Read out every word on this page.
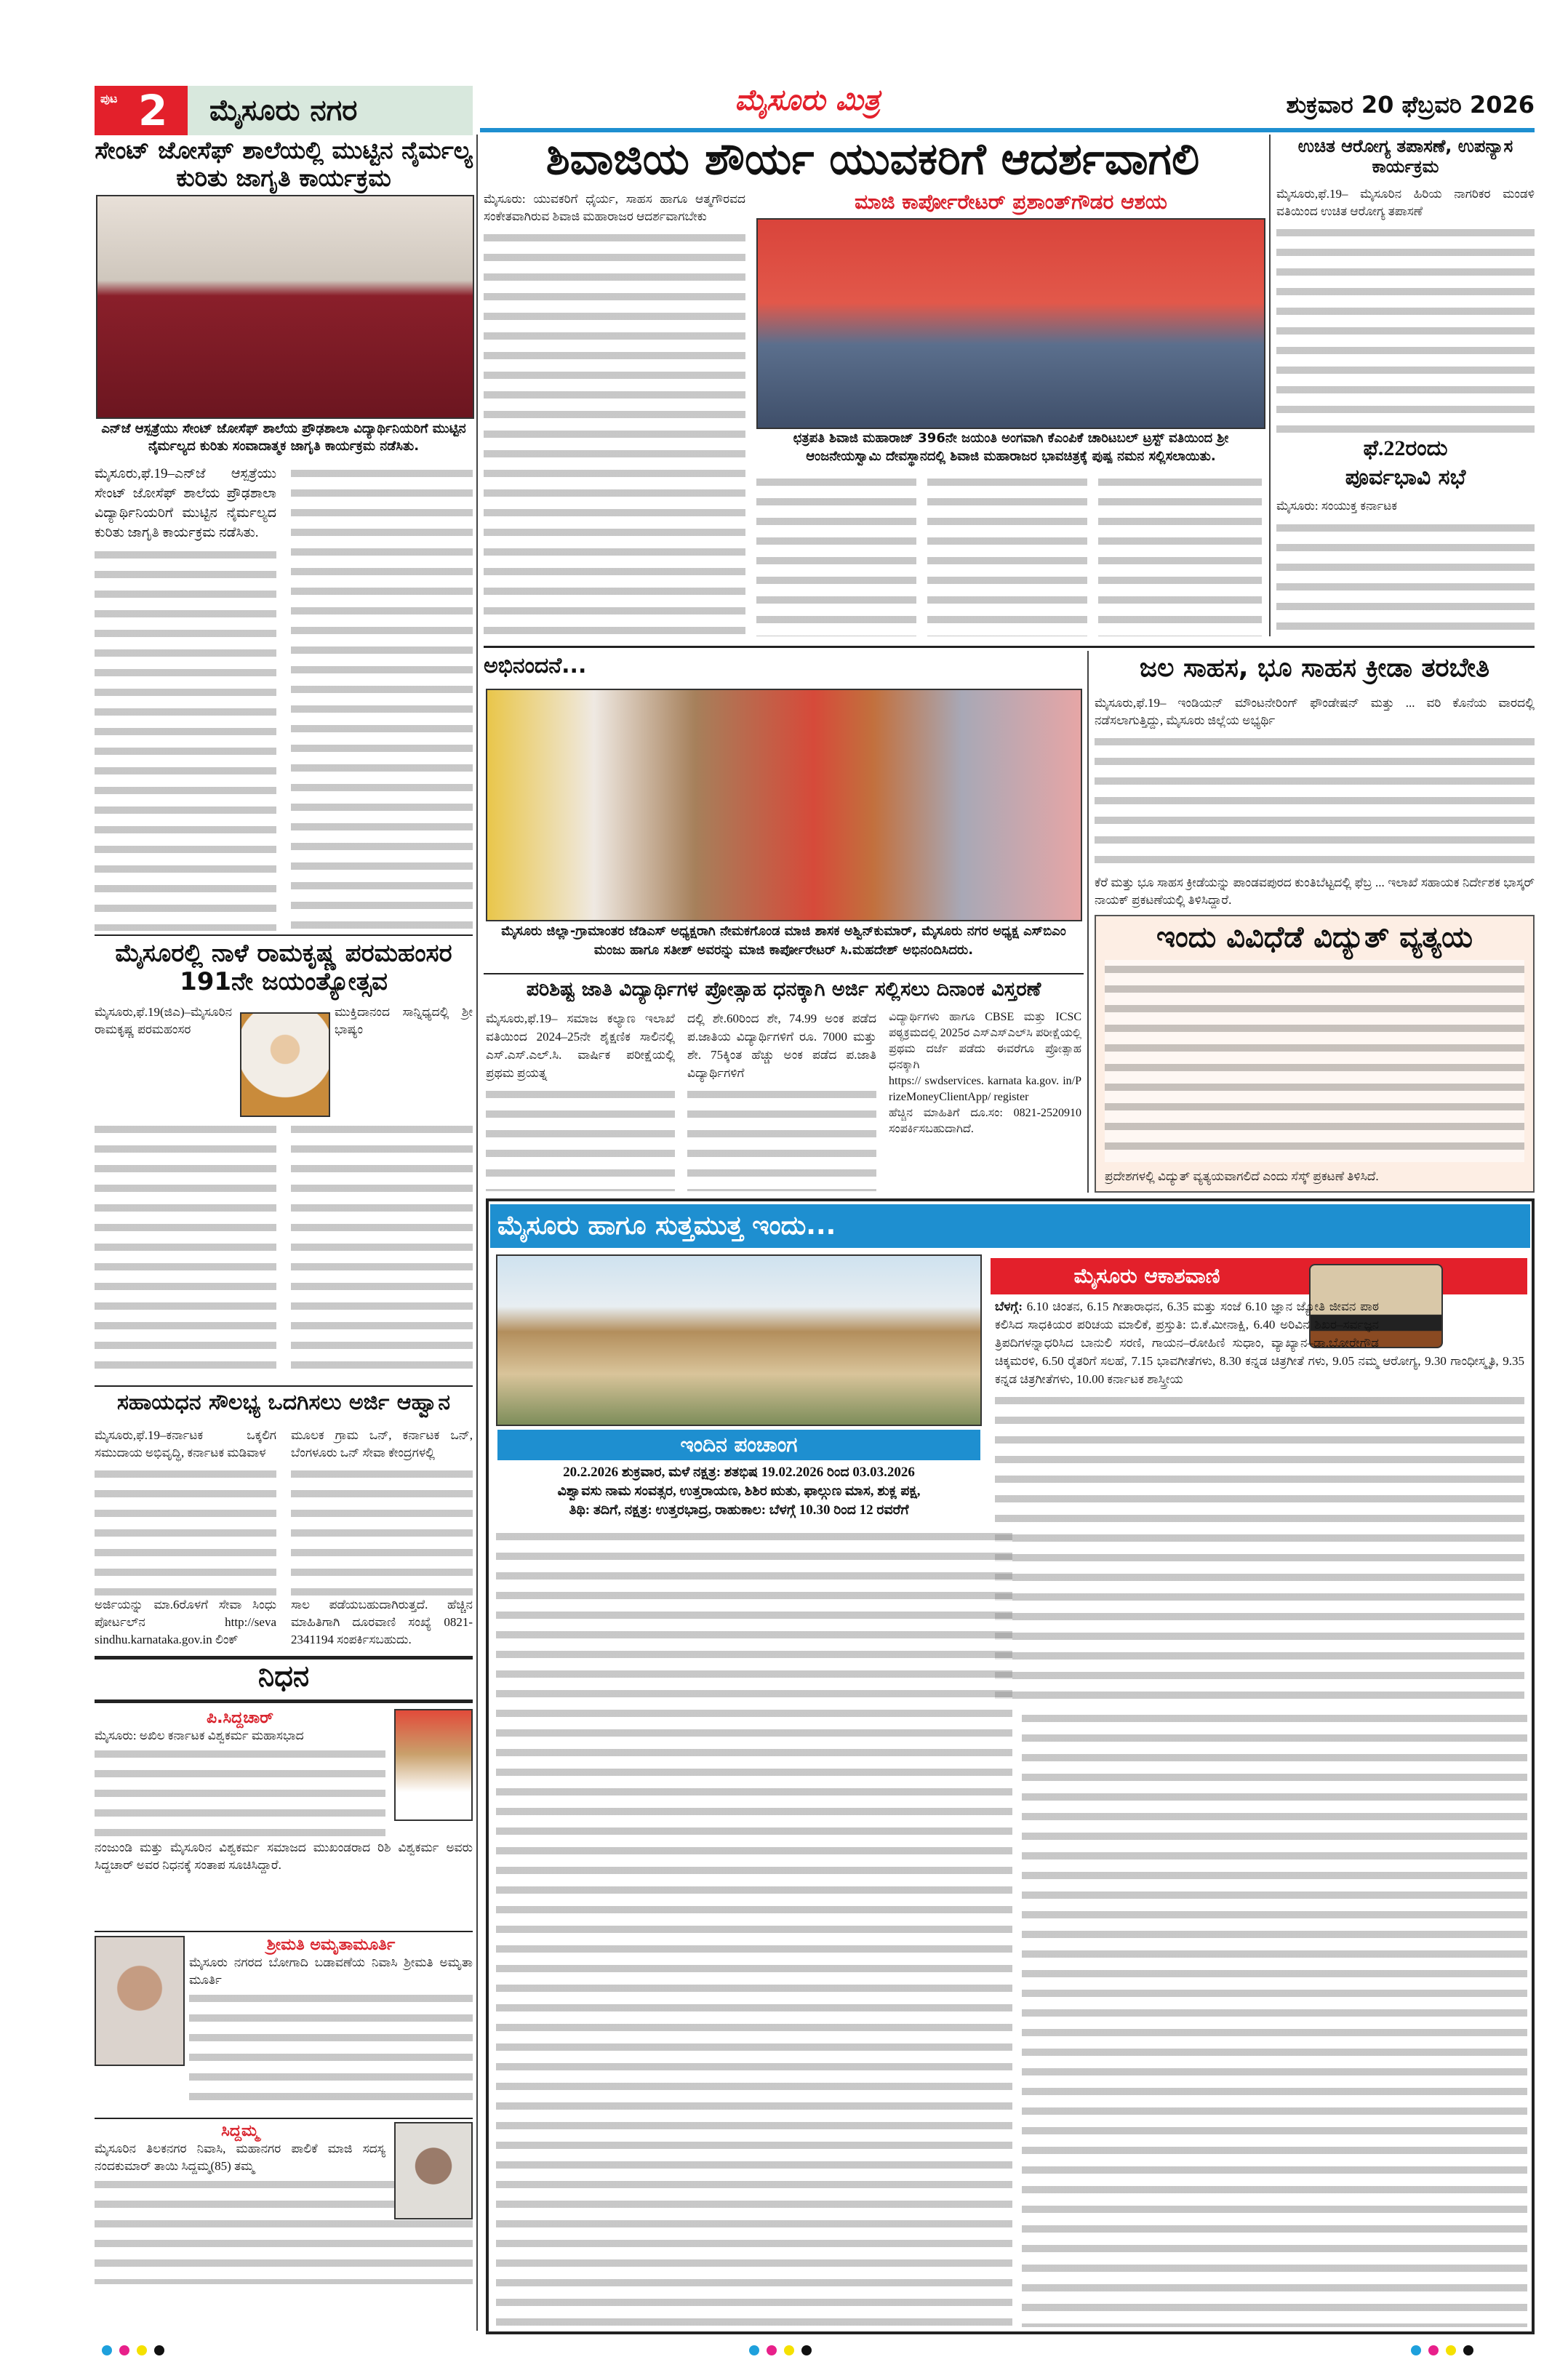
ಪುಟ 2 ಮೈಸೂರು ನಗರ	ಮೈಸೂರು ಮಿತ್ರ	ಶುಕ್ರವಾರ 20 ಫೆಬ್ರವರಿ 2026
ಸೇಂಟ್ ಜೋಸೆಫ್ ಶಾಲೆಯಲ್ಲಿ ಮುಟ್ಟಿನ ನೈರ್ಮಲ್ಯ ಕುರಿತು ಜಾಗೃತಿ ಕಾರ್ಯಕ್ರಮ
ಎನ್‌ಜೆ ಆಸ್ಪತ್ರೆಯು ಸೇಂಟ್ ಜೋಸೆಫ್ ಶಾಲೆಯ ಪ್ರೌಢಶಾಲಾ ವಿದ್ಯಾರ್ಥಿನಿಯರಿಗೆ ಮುಟ್ಟಿನ ನೈರ್ಮಲ್ಯದ ಕುರಿತು ಸಂವಾದಾತ್ಮಕ ಜಾಗೃತಿ ಕಾರ್ಯಕ್ರಮ ನಡೆಸಿತು.
ಮೈಸೂರು,ಫೆ.19–ಎನ್‌ಜೆ ಆಸ್ಪತ್ರೆಯು ಸೇಂಟ್ ಜೋಸೆಫ್ ಶಾಲೆಯ ಪ್ರೌಢಶಾಲಾ ವಿದ್ಯಾರ್ಥಿನಿಯರಿಗೆ ಮುಟ್ಟಿನ ನೈರ್ಮಲ್ಯದ ಕುರಿತು ಜಾಗೃತಿ ಕಾರ್ಯಕ್ರಮ ನಡೆಸಿತು.
ಮೈಸೂರಲ್ಲಿ ನಾಳೆ ರಾಮಕೃಷ್ಣ ಪರಮಹಂಸರ 191ನೇ ಜಯಂತ್ಯೋತ್ಸವ
ಮೈಸೂರು,ಫೆ.19(ಜಿಎ)–ಮೈಸೂರಿನ ರಾಮಕೃಷ್ಣ ಪರಮಹಂಸರ
ಮುಕ್ತಿದಾನಂದ ಸಾನ್ನಿಧ್ಯದಲ್ಲಿ ಶ್ರೀ ಭಾಷ್ಯಂ
ಸಹಾಯಧನ ಸೌಲಭ್ಯ ಒದಗಿಸಲು ಅರ್ಜಿ ಆಹ್ವಾನ
ಮೈಸೂರು,ಫೆ.19–ಕರ್ನಾಟಕ ಒಕ್ಕಲಿಗ ಸಮುದಾಯ ಅಭಿವೃದ್ಧಿ, ಕರ್ನಾಟಕ ಮಡಿವಾಳ
ಅರ್ಜಿಯನ್ನು ಮಾ.6ರೊಳಗೆ ಸೇವಾ ಸಿಂಧು ಪೋರ್ಟಲ್‌ನ http://seva sindhu.karnataka.gov.in ಲಿಂಕ್
ಮೂಲಕ ಗ್ರಾಮ ಒನ್, ಕರ್ನಾಟಕ ಒನ್, ಬೆಂಗಳೂರು ಒನ್ ಸೇವಾ ಕೇಂದ್ರಗಳಲ್ಲಿ
ಸಾಲ ಪಡೆಯಬಹುದಾಗಿರುತ್ತದೆ. ಹೆಚ್ಚಿನ ಮಾಹಿತಿಗಾಗಿ ದೂರವಾಣಿ ಸಂಖ್ಯೆ 0821-2341194 ಸಂಪರ್ಕಿಸಬಹುದು.
ನಿಧನ
ಪಿ.ಸಿದ್ದಚಾರ್
ಮೈಸೂರು: ಅಖಿಲ ಕರ್ನಾಟಕ ವಿಶ್ವಕರ್ಮ ಮಹಾಸಭಾದ
ನಂಜುಂಡಿ ಮತ್ತು ಮೈಸೂರಿನ ವಿಶ್ವಕರ್ಮ ಸಮಾಜದ ಮುಖಂಡರಾದ ರಿಶಿ ವಿಶ್ವಕರ್ಮ ಅವರು ಸಿದ್ದಚಾರ್ ಅವರ ನಿಧನಕ್ಕೆ ಸಂತಾಪ ಸೂಚಿಸಿದ್ದಾರೆ.
ಶ್ರೀಮತಿ ಅಮೃತಾಮೂರ್ತಿ
ಮೈಸೂರು ನಗರದ ಬೋಗಾದಿ ಬಡಾವಣೆಯ ನಿವಾಸಿ ಶ್ರೀಮತಿ ಅಮೃತಾ ಮೂರ್ತಿ
ಸಿದ್ದಮ್ಮ
ಮೈಸೂರಿನ ತಿಲಕನಗರ ನಿವಾಸಿ, ಮಹಾನಗರ ಪಾಲಿಕೆ ಮಾಜಿ ಸದಸ್ಯ ನಂದಕುಮಾರ್ ತಾಯಿ ಸಿದ್ದಮ್ಮ(85) ತಮ್ಮ
ಶಿವಾಜಿಯ ಶೌರ್ಯ ಯುವಕರಿಗೆ ಆದರ್ಶವಾಗಲಿ
ಮಾಜಿ ಕಾರ್ಪೋರೇಟರ್ ಪ್ರಶಾಂತ್‌ಗೌಡರ ಆಶಯ
ಮೈಸೂರು: ಯುವಕರಿಗೆ ಧೈರ್ಯ, ಸಾಹಸ ಹಾಗೂ ಆತ್ಮಗೌರವದ ಸಂಕೇತವಾಗಿರುವ ಶಿವಾಜಿ ಮಹಾರಾಜರ ಆದರ್ಶವಾಗಬೇಕು
ಛತ್ರಪತಿ ಶಿವಾಜಿ ಮಹಾರಾಜ್ 396ನೇ ಜಯಂತಿ ಅಂಗವಾಗಿ ಕೆಎಂಪಿಕೆ ಚಾರಿಟಬಲ್ ಟ್ರಸ್ಟ್ ವತಿಯಿಂದ ಶ್ರೀ ಆಂಜನೇಯಸ್ವಾಮಿ ದೇವಸ್ಥಾನದಲ್ಲಿ ಶಿವಾಜಿ ಮಹಾರಾಜರ ಭಾವಚಿತ್ರಕ್ಕೆ ಪುಷ್ಪ ನಮನ ಸಲ್ಲಿಸಲಾಯಿತು.
ಉಚಿತ ಆರೋಗ್ಯ ತಪಾಸಣೆ, ಉಪನ್ಯಾಸ ಕಾರ್ಯಕ್ರಮ
ಮೈಸೂರು,ಫೆ.19– ಮೈಸೂರಿನ ಹಿರಿಯ ನಾಗರಿಕರ ಮಂಡಳಿ ವತಿಯಿಂದ ಉಚಿತ ಆರೋಗ್ಯ ತಪಾಸಣೆ
ಫೆ.22ರಂದು
ಪೂರ್ವಭಾವಿ ಸಭೆ
ಮೈಸೂರು: ಸಂಯುಕ್ತ ಕರ್ನಾಟಕ
ಅಭಿನಂದನೆ...
ಮೈಸೂರು ಜಿಲ್ಲಾ-ಗ್ರಾಮಾಂತರ ಜೆಡಿಎಸ್ ಅಧ್ಯಕ್ಷರಾಗಿ ನೇಮಕಗೊಂಡ ಮಾಜಿ ಶಾಸಕ ಅಶ್ವಿನ್‌ಕುಮಾರ್, ಮೈಸೂರು ನಗರ ಅಧ್ಯಕ್ಷ ಎಸ್‌ಬಿಎಂ ಮಂಜು ಹಾಗೂ ಸತೀಶ್ ಅವರನ್ನು ಮಾಜಿ ಕಾರ್ಪೋರೇಟರ್ ಸಿ.ಮಹದೇಶ್ ಅಭಿನಂದಿಸಿದರು.
ಜಲ ಸಾಹಸ, ಭೂ ಸಾಹಸ ಕ್ರೀಡಾ ತರಬೇತಿ
ಮೈಸೂರು,ಫೆ.19– ಇಂಡಿಯನ್ ಮೌಂಟನೇರಿಂಗ್ ಫೌಂಡೇಷನ್ ಮತ್ತು ... ವರಿ ಕೊನೆಯ ವಾರದಲ್ಲಿ ನಡೆಸಲಾಗುತ್ತಿದ್ದು, ಮೈಸೂರು ಜಿಲ್ಲೆಯ ಅಭ್ಯರ್ಥಿ
ಕೆರೆ ಮತ್ತು ಭೂ ಸಾಹಸ ಕ್ರೀಡೆಯನ್ನು ಪಾಂಡವಪುರದ ಕುಂತಿಬೆಟ್ಟದಲ್ಲಿ ಫೆಬ್ರ ... ಇಲಾಖೆ ಸಹಾಯಕ ನಿರ್ದೇಶಕ ಭಾಸ್ಕರ್ ನಾಯಕ್ ಪ್ರಕಟಣೆಯಲ್ಲಿ ತಿಳಿಸಿದ್ದಾರೆ.
ಇಂದು ವಿವಿಧೆಡೆ ವಿದ್ಯುತ್ ವ್ಯತ್ಯಯ
ಪ್ರದೇಶಗಳಲ್ಲಿ ವಿದ್ಯುತ್ ವ್ಯತ್ಯಯವಾಗಲಿದೆ ಎಂದು ಸೆಸ್ಕ್ ಪ್ರಕಟಣೆ ತಿಳಿಸಿದೆ.
ಪರಿಶಿಷ್ಟ ಜಾತಿ ವಿದ್ಯಾರ್ಥಿಗಳ ಪ್ರೋತ್ಸಾಹ ಧನಕ್ಕಾಗಿ ಅರ್ಜಿ ಸಲ್ಲಿಸಲು ದಿನಾಂಕ ವಿಸ್ತರಣೆ
ಮೈಸೂರು,ಫೆ.19– ಸಮಾಜ ಕಲ್ಯಾಣ ಇಲಾಖೆ ವತಿಯಿಂದ 2024–25ನೇ ಶೈಕ್ಷಣಿಕ ಸಾಲಿನಲ್ಲಿ ಎಸ್.ಎಸ್.ಎಲ್.ಸಿ. ವಾರ್ಷಿಕ ಪರೀಕ್ಷೆಯಲ್ಲಿ ಪ್ರಥಮ ಪ್ರಯತ್ನ
ದಲ್ಲಿ ಶೇ.60ರಿಂದ ಶೇ, 74.99 ಅಂಕ ಪಡೆದ ಪ.ಜಾತಿಯ ವಿದ್ಯಾರ್ಥಿಗಳಿಗೆ ರೂ. 7000 ಮತ್ತು ಶೇ. 75ಕ್ಕಿಂತ ಹೆಚ್ಚು ಅಂಕ ಪಡೆದ ಪ.ಜಾತಿ ವಿದ್ಯಾರ್ಥಿಗಳಿಗೆ
ವಿದ್ಯಾರ್ಥಿಗಳು ಹಾಗೂ CBSE ಮತ್ತು ICSC ಪಠ್ಯಕ್ರಮದಲ್ಲಿ 2025ರ ಎಸ್‌ಎಸ್‌ಎಲ್‌ಸಿ ಪರೀಕ್ಷೆಯಲ್ಲಿ ಪ್ರಥಮ ದರ್ಜೆ ಪಡೆದು ಈವರೆಗೂ ಪ್ರೋತ್ಸಾಹ ಧನಕ್ಕಾಗಿ
https:// swdservices. karnata ka.gov. in/PrizeMoneyClientApp/ register
ಹೆಚ್ಚಿನ ಮಾಹಿತಿಗೆ ದೂ.ಸಂ: 0821-2520910 ಸಂಪರ್ಕಿಸಬಹುದಾಗಿದೆ.
ಮೈಸೂರು ಹಾಗೂ ಸುತ್ತಮುತ್ತ ಇಂದು...
ಇಂದಿನ ಪಂಚಾಂಗ
20.2.2026 ಶುಕ್ರವಾರ, ಮಳೆ ನಕ್ಷತ್ರ: ಶತಭಿಷ 19.02.2026 ರಿಂದ 03.03.2026
ವಿಶ್ವಾವಸು ನಾಮ ಸಂವತ್ಸರ, ಉತ್ತರಾಯಣ, ಶಿಶಿರ ಋತು, ಫಾಲ್ಗುಣ ಮಾಸ, ಶುಕ್ಲ ಪಕ್ಷ,
ತಿಥಿ: ತದಿಗೆ, ನಕ್ಷತ್ರ: ಉತ್ತರಭಾದ್ರ, ರಾಹುಕಾಲ: ಬೆಳಗ್ಗೆ 10.30 ರಿಂದ 12 ರವರೆಗೆ
ಮೈಸೂರು ಆಕಾಶವಾಣಿ
ಬೆಳಗ್ಗೆ: 6.10 ಚಿಂತನ, 6.15 ಗೀತಾರಾಧನ, 6.35 ಮತ್ತು ಸಂಜೆ 6.10 ಜ್ಞಾನ ಜ್ಯೋತಿ ಜೀವನ ಪಾಠ ಕಲಿಸಿದ ಸಾಧಕಿಯರ ಪರಿಚಯ ಮಾಲಿಕೆ, ಪ್ರಸ್ತುತಿ: ಬಿ.ಕೆ.ಮೀನಾಕ್ಷಿ, 6.40 ಅರಿವಿನ ಶಿಖರ–ಸರ್ವಜ್ಞನ ತ್ರಿಪದಿಗಳನ್ನಾಧರಿಸಿದ ಬಾನುಲಿ ಸರಣಿ, ಗಾಯನ–ರೋಹಿಣಿ ಸುಧಾಂ, ವ್ಯಾಖ್ಯಾನ–ಡಾ.ಬೋರೇಗೌಡ ಚಿಕ್ಕಮರಳಿ, 6.50 ರೈತರಿಗೆ ಸಲಹೆ, 7.15 ಭಾವಗೀತೆಗಳು, 8.30 ಕನ್ನಡ ಚಿತ್ರಗೀತೆ ಗಳು, 9.05 ನಮ್ಮ ಆರೋಗ್ಯ, 9.30 ಗಾಂಧೀಸ್ಮೃತಿ, 9.35 ಕನ್ನಡ ಚಿತ್ರಗೀತೆಗಳು, 10.00 ಕರ್ನಾಟಕ ಶಾಸ್ತ್ರೀಯ
